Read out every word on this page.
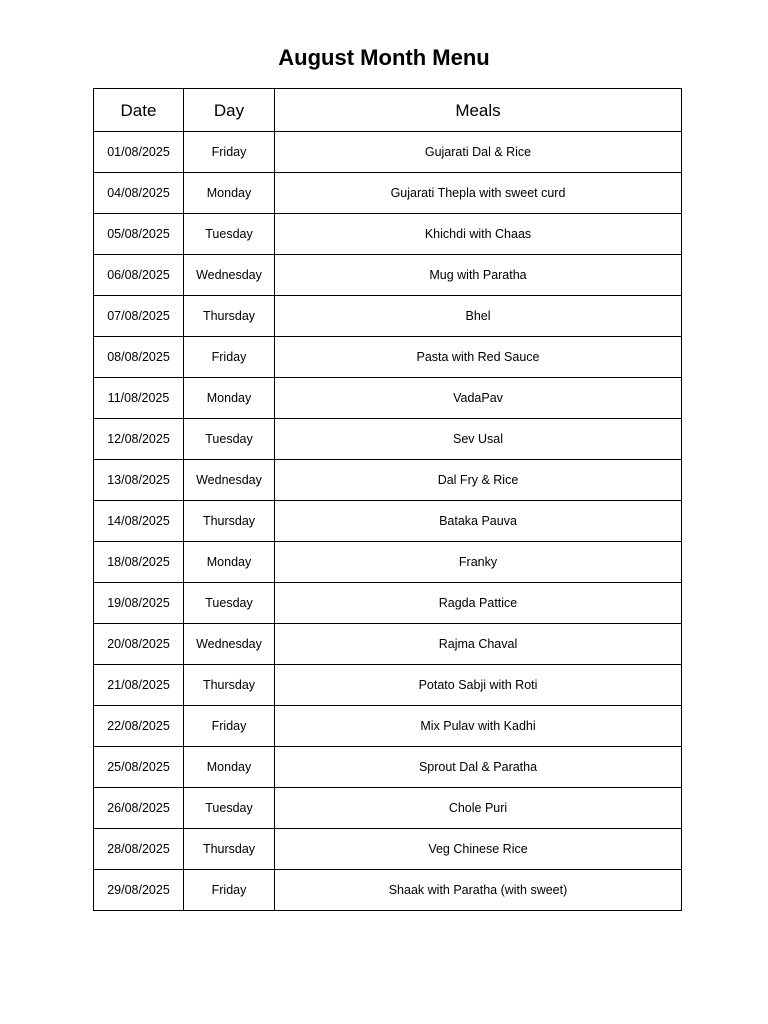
August Month Menu
Date	Day	Meals
01/08/2025	Friday	Gujarati Dal & Rice
04/08/2025	Monday	Gujarati Thepla with sweet curd
05/08/2025	Tuesday	Khichdi with Chaas
06/08/2025	Wednesday	Mug with Paratha
07/08/2025	Thursday	Bhel
08/08/2025	Friday	Pasta with Red Sauce
11/08/2025	Monday	VadaPav
12/08/2025	Tuesday	Sev Usal
13/08/2025	Wednesday	Dal Fry & Rice
14/08/2025	Thursday	Bataka Pauva
18/08/2025	Monday	Franky
19/08/2025	Tuesday	Ragda Pattice
20/08/2025	Wednesday	Rajma Chaval
21/08/2025	Thursday	Potato Sabji with Roti
22/08/2025	Friday	Mix Pulav with Kadhi
25/08/2025	Monday	Sprout Dal & Paratha
26/08/2025	Tuesday	Chole Puri
28/08/2025	Thursday	Veg Chinese Rice
29/08/2025	Friday	Shaak with Paratha (with sweet)
